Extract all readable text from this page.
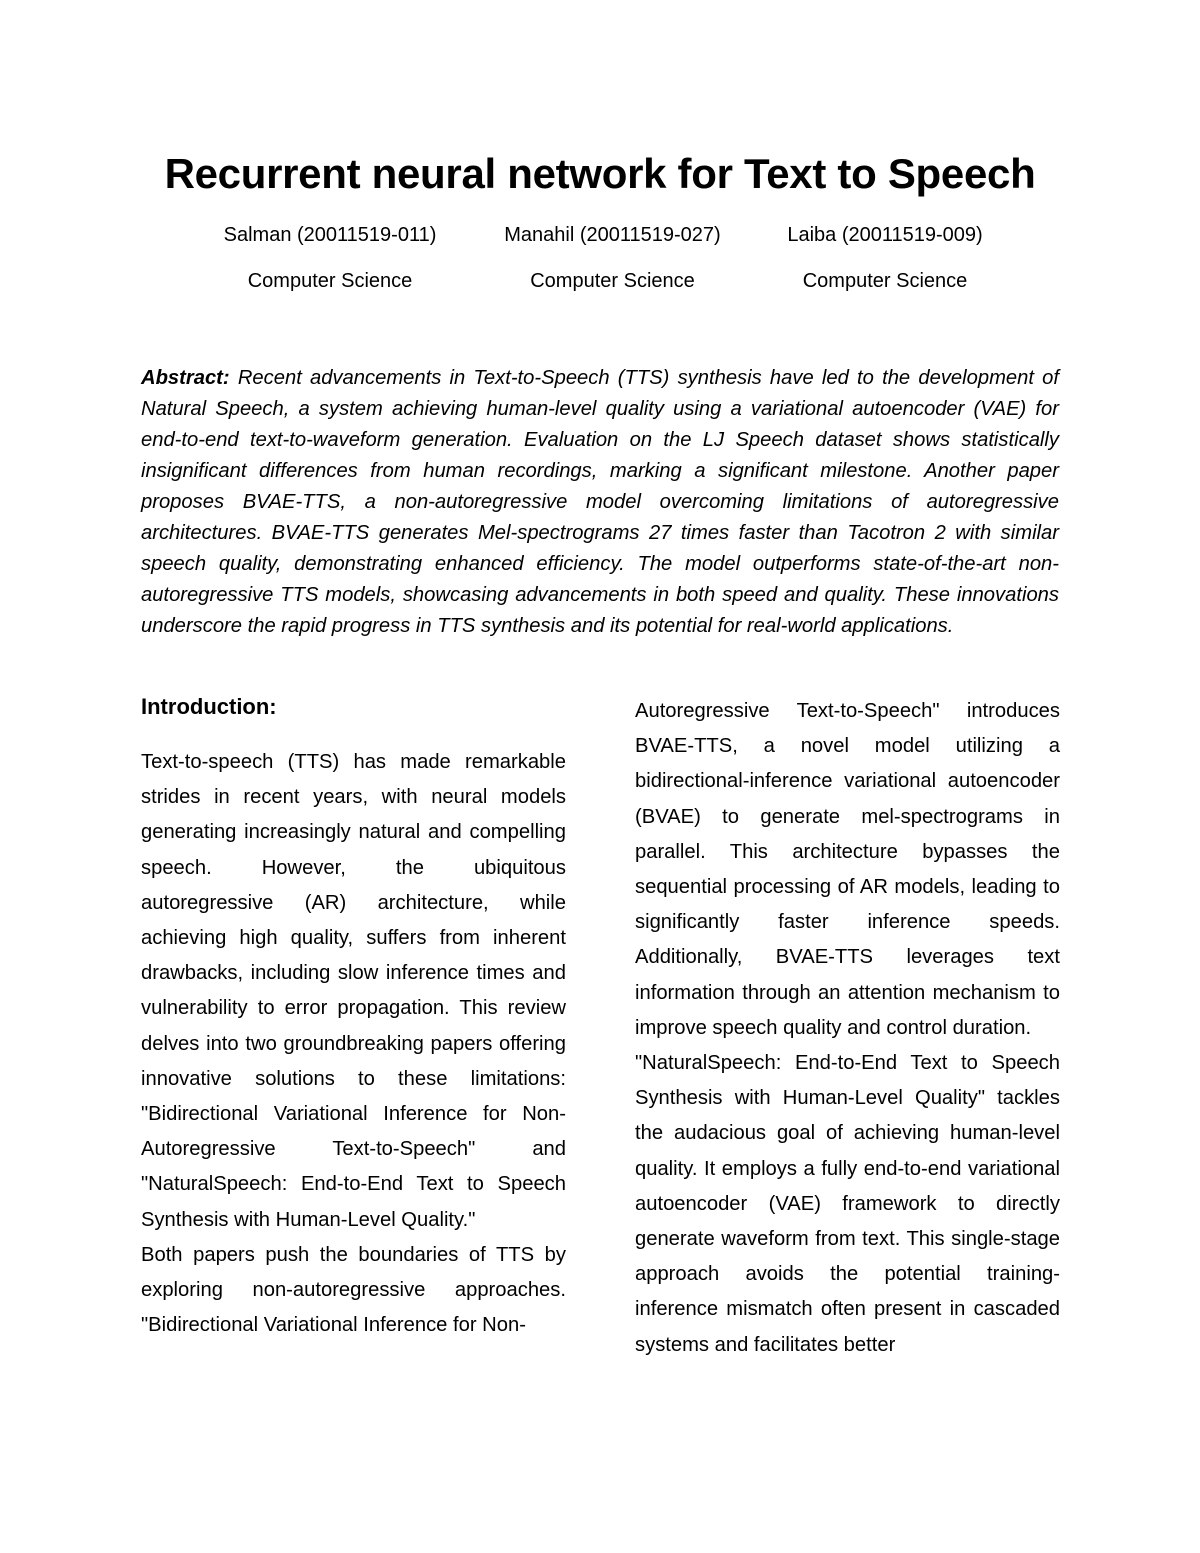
Recurrent neural network for Text to Speech
Salman (20011519-011)
Computer Science
Manahil (20011519-027)
Computer Science
Laiba (20011519-009)
Computer Science

Abstract: Recent advancements in Text-to-Speech (TTS) synthesis have led to the development of Natural Speech, a system achieving human-level quality using a variational autoencoder (VAE) for end-to-end text-to-waveform generation. Evaluation on the LJ Speech dataset shows statistically insignificant differences from human recordings, marking a significant milestone. Another paper proposes BVAE-TTS, a non-autoregressive model overcoming limitations of autoregressive architectures. BVAE-TTS generates Mel-spectrograms 27 times faster than Tacotron 2 with similar speech quality, demonstrating enhanced efficiency. The model outperforms state-of-the-art non-autoregressive TTS models, showcasing advancements in both speed and quality. These innovations underscore the rapid progress in TTS synthesis and its potential for real-world applications.

Introduction:

Text-to-speech (TTS) has made remarkable strides in recent years, with neural models generating increasingly natural and compelling speech. However, the ubiquitous autoregressive (AR) architecture, while achieving high quality, suffers from inherent drawbacks, including slow inference times and vulnerability to error propagation. This review delves into two groundbreaking papers offering innovative solutions to these limitations: "Bidirectional Variational Inference for Non-Autoregressive Text-to-Speech" and "NaturalSpeech: End-to-End Text to Speech Synthesis with Human-Level Quality."

Both papers push the boundaries of TTS by exploring non-autoregressive approaches. "Bidirectional Variational Inference for Non-

Autoregressive Text-to-Speech" introduces BVAE-TTS, a novel model utilizing a bidirectional-inference variational autoencoder (BVAE) to generate mel-spectrograms in parallel. This architecture bypasses the sequential processing of AR models, leading to significantly faster inference speeds. Additionally, BVAE-TTS leverages text information through an attention mechanism to improve speech quality and control duration.

"NaturalSpeech: End-to-End Text to Speech Synthesis with Human-Level Quality" tackles the audacious goal of achieving human-level quality. It employs a fully end-to-end variational autoencoder (VAE) framework to directly generate waveform from text. This single-stage approach avoids the potential training-inference mismatch often present in cascaded systems and facilitates better
